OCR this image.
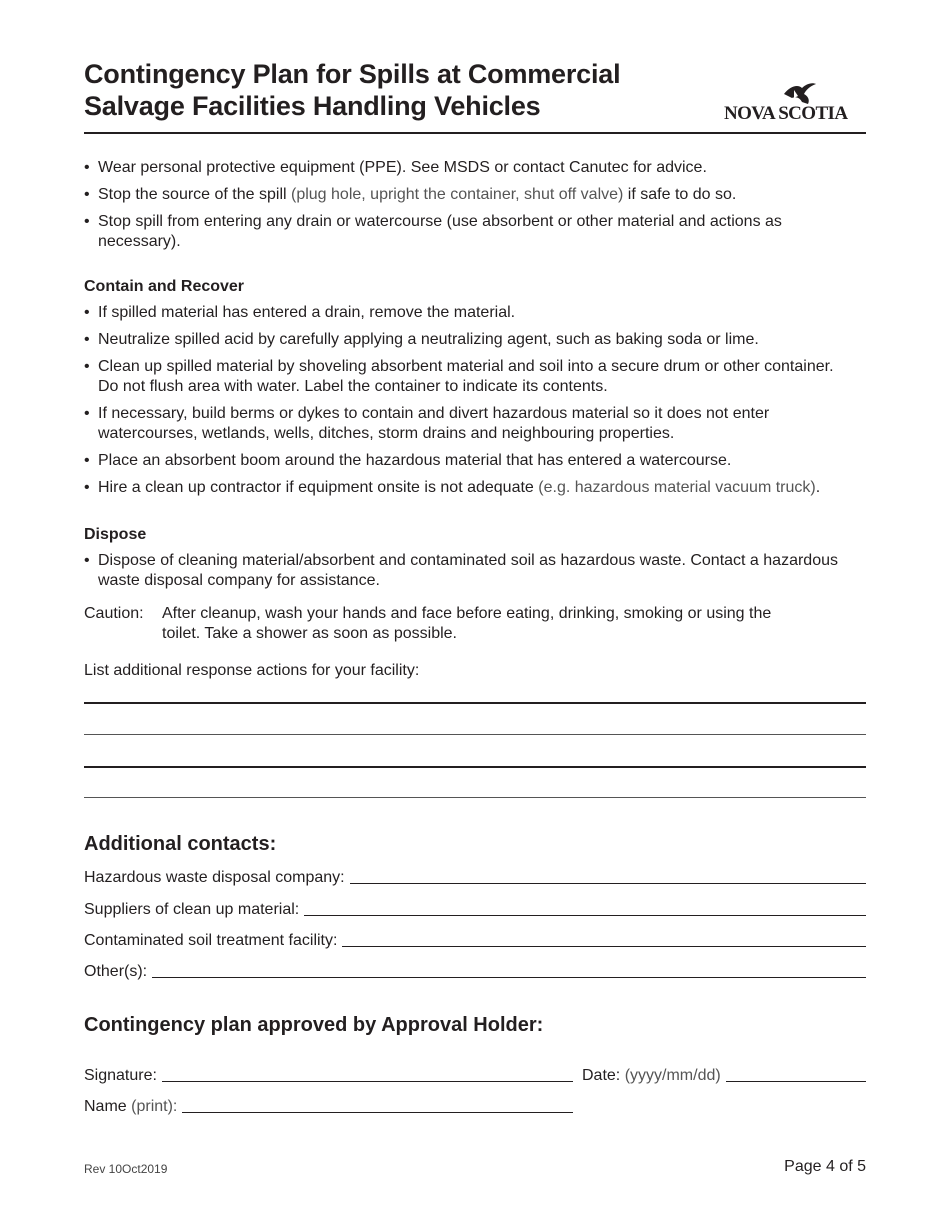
Contingency Plan for Spills at Commercial
Salvage Facilities Handling Vehicles	NOVA SCOTIA
• Wear personal protective equipment (PPE). See MSDS or contact Canutec for advice.
• Stop the source of the spill (plug hole, upright the container, shut off valve) if safe to do so.
• Stop spill from entering any drain or watercourse (use absorbent or other material and actions as necessary).
Contain and Recover
• If spilled material has entered a drain, remove the material.
• Neutralize spilled acid by carefully applying a neutralizing agent, such as baking soda or lime.
• Clean up spilled material by shoveling absorbent material and soil into a secure drum or other container. Do not flush area with water. Label the container to indicate its contents.
• If necessary, build berms or dykes to contain and divert hazardous material so it does not enter watercourses, wetlands, wells, ditches, storm drains and neighbouring properties.
• Place an absorbent boom around the hazardous material that has entered a watercourse.
• Hire a clean up contractor if equipment onsite is not adequate (e.g. hazardous material vacuum truck).
Dispose
• Dispose of cleaning material/absorbent and contaminated soil as hazardous waste. Contact a hazardous waste disposal company for assistance.
Caution: After cleanup, wash your hands and face before eating, drinking, smoking or using the toilet. Take a shower as soon as possible.
List additional response actions for your facility:
Additional contacts:
Hazardous waste disposal company:
Suppliers of clean up material:
Contaminated soil treatment facility:
Other(s):
Contingency plan approved by Approval Holder:
Signature:	Date: (yyyy/mm/dd)
Name (print):
Rev 10Oct2019	Page 4 of 5
